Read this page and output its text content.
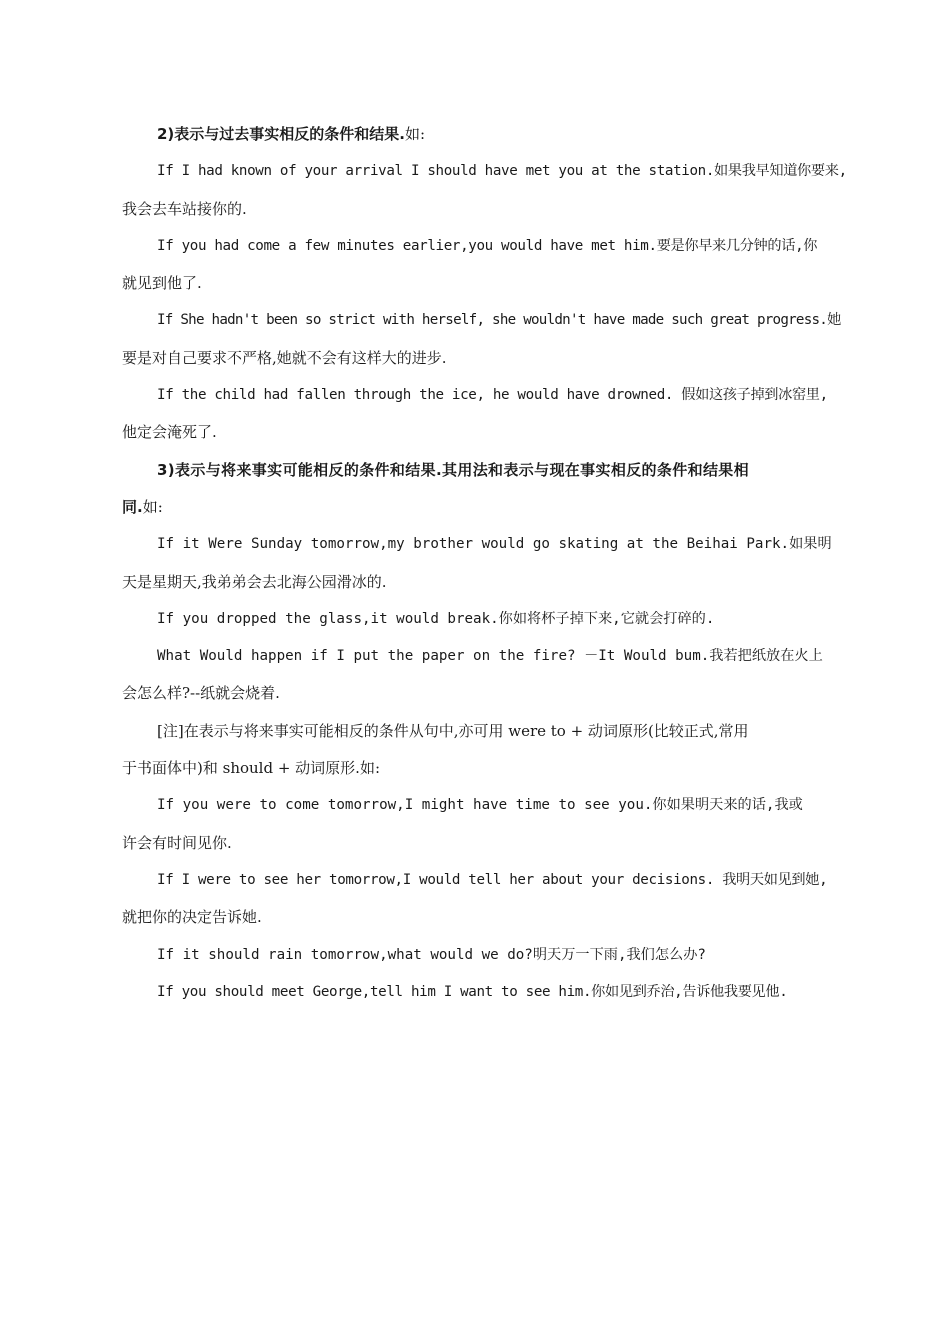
2)表示与过去事实相反的条件和结果.如:
If I had known of your arrival I should have met you at the station.如果我早知道你要来,
我会去车站接你的.
If you had come a few minutes earlier,you would have met him.要是你早来几分钟的话,你
就见到他了.
If She hadn't been so strict with herself, she wouldn't have made such great progress.她
要是对自己要求不严格,她就不会有这样大的进步.
If the child had fallen through the ice, he would have drowned. 假如这孩子掉到冰窑里,
他定会淹死了.
3)表示与将来事实可能相反的条件和结果.其用法和表示与现在事实相反的条件和结果相
同.如:
If it Were Sunday tomorrow,my brother would go skating at the Beihai Park.如果明
天是星期天,我弟弟会去北海公园滑冰的.
If you dropped the glass,it would break.你如将杯子掉下来,它就会打碎的.
What Would happen if I put the paper on the fire? －It Would bum.我若把纸放在火上
会怎么样?--纸就会烧着.
[注]在表示与将来事实可能相反的条件从句中,亦可用 were to + 动词原形(比较正式,常用
于书面体中)和 should + 动词原形.如:
If you were to come tomorrow,I might have time to see you.你如果明天来的话,我或
许会有时间见你.
If I were to see her tomorrow,I would tell her about your decisions. 我明天如见到她,
就把你的决定告诉她.
If it should rain tomorrow,what would we do?明天万一下雨,我们怎么办?
If you should meet George,tell him I want to see him.你如见到乔治,告诉他我要见他.
